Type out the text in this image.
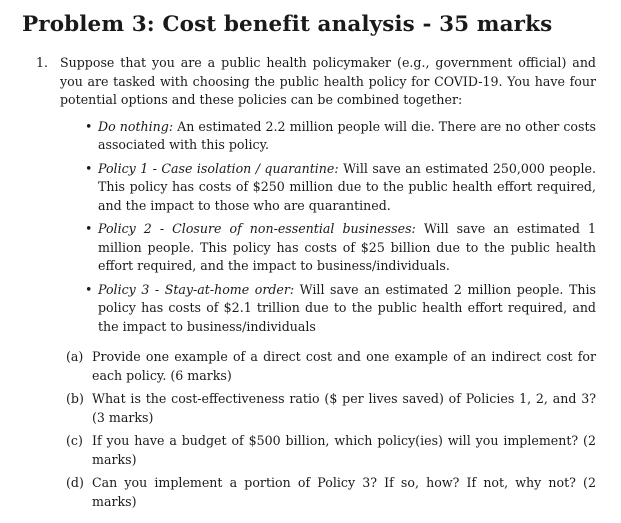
Problem 3: Cost benefit analysis - 35 marks
1. Suppose that you are a public health policymaker (e.g., government official) and you are tasked with choosing the public health policy for COVID-19. You have four potential options and these policies can be combined together:
• Do nothing: An estimated 2.2 million people will die. There are no other costs associated with this policy.
• Policy 1 - Case isolation / quarantine: Will save an estimated 250,000 people. This policy has costs of $250 million due to the public health effort required, and the impact to those who are quarantined.
• Policy 2 - Closure of non-essential businesses: Will save an estimated 1 million people. This policy has costs of $25 billion due to the public health effort required, and the impact to business/individuals.
• Policy 3 - Stay-at-home order: Will save an estimated 2 million people. This policy has costs of $2.1 trillion due to the public health effort required, and the impact to business/individuals
(a) Provide one example of a direct cost and one example of an indirect cost for each policy. (6 marks)
(b) What is the cost-effectiveness ratio ($ per lives saved) of Policies 1, 2, and 3? (3 marks)
(c) If you have a budget of $500 billion, which policy(ies) will you implement? (2 marks)
(d) Can you implement a portion of Policy 3? If so, how? If not, why not? (2 marks)
